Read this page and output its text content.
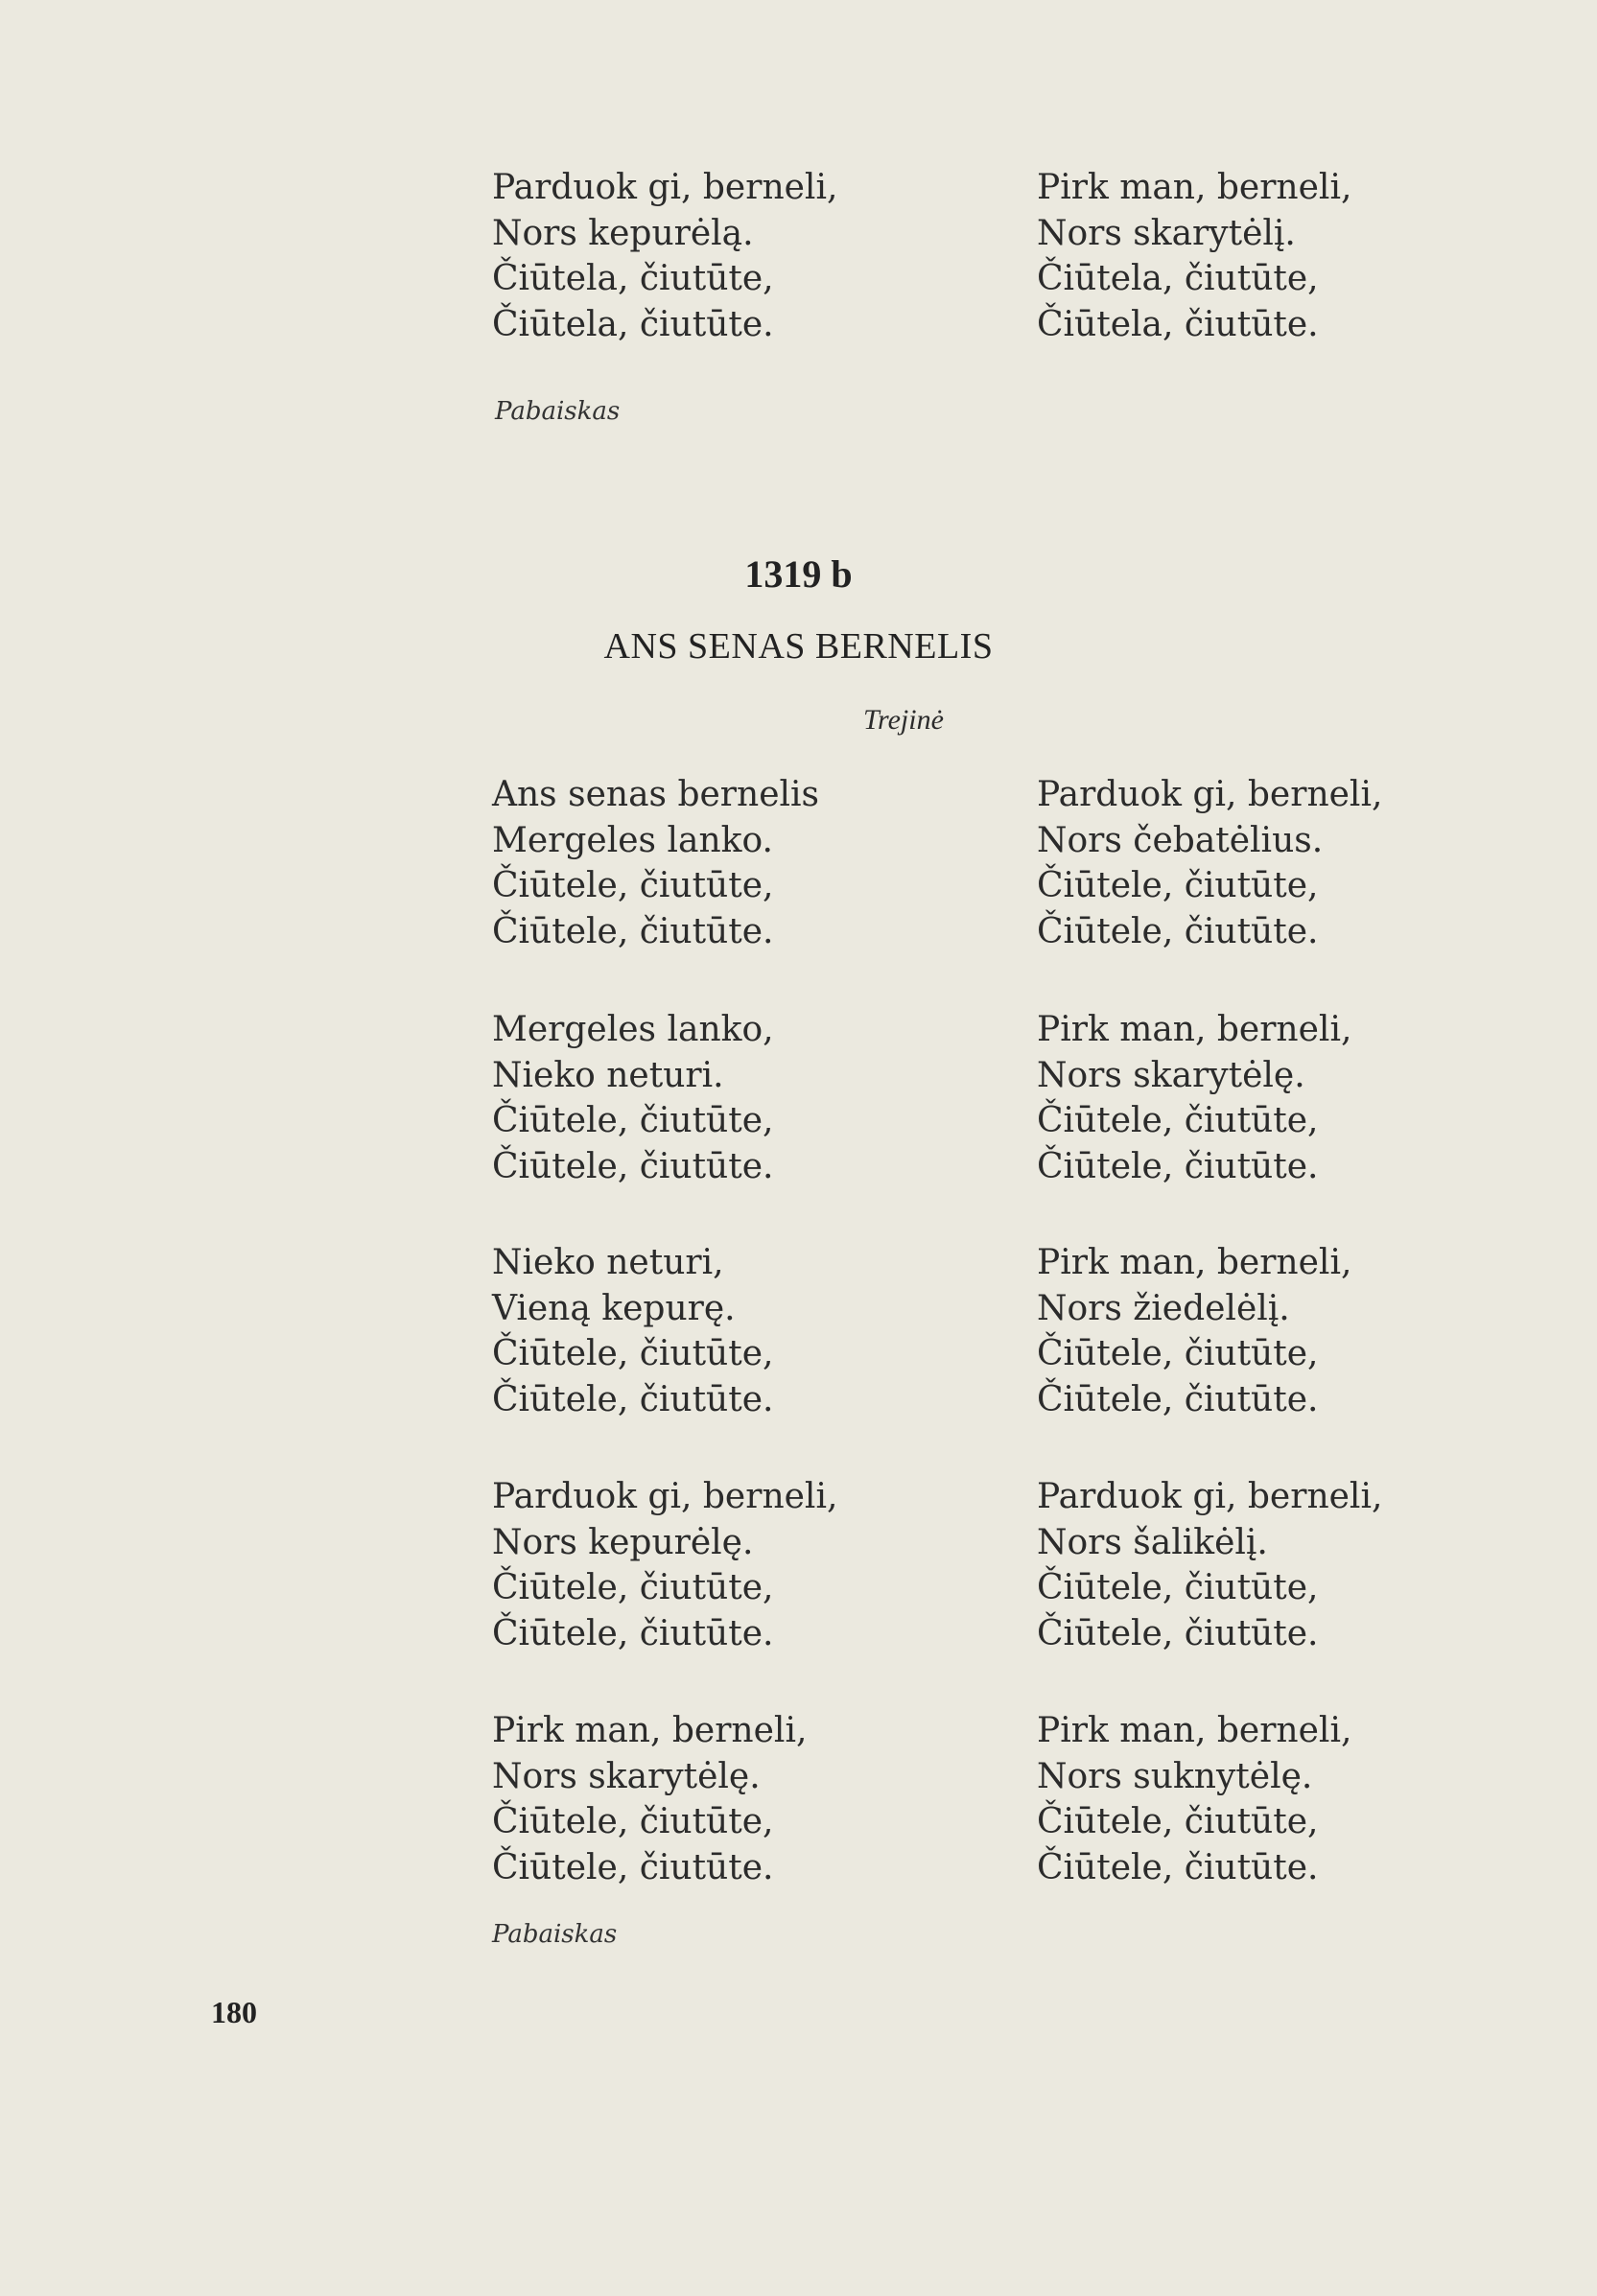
Parduok gi, berneli,
Nors kepurėlą.
Čiūtela, čiutūte,
Čiūtela, čiutūte.
Pirk man, berneli,
Nors skarytėlį.
Čiūtela, čiutūte,
Čiūtela, čiutūte.
Pabaiskas
1319 b
ANS SENAS BERNELIS
Trejinė
Ans senas bernelis
Mergeles lanko.
Čiūtele, čiutūte,
Čiūtele, čiutūte.
Parduok gi, berneli,
Nors čebatėlius.
Čiūtele, čiutūte,
Čiūtele, čiutūte.
Mergeles lanko,
Nieko neturi.
Čiūtele, čiutūte,
Čiūtele, čiutūte.
Pirk man, berneli,
Nors skarytėlę.
Čiūtele, čiutūte,
Čiūtele, čiutūte.
Nieko neturi,
Vieną kepurę.
Čiūtele, čiutūte,
Čiūtele, čiutūte.
Pirk man, berneli,
Nors žiedelėlį.
Čiūtele, čiutūte,
Čiūtele, čiutūte.
Parduok gi, berneli,
Nors kepurėlę.
Čiūtele, čiutūte,
Čiūtele, čiutūte.
Parduok gi, berneli,
Nors šalikėlį.
Čiūtele, čiutūte,
Čiūtele, čiutūte.
Pirk man, berneli,
Nors skarytėlę.
Čiūtele, čiutūte,
Čiūtele, čiutūte.
Pirk man, berneli,
Nors suknytėlę.
Čiūtele, čiutūte,
Čiūtele, čiutūte.
Pabaiskas
180
